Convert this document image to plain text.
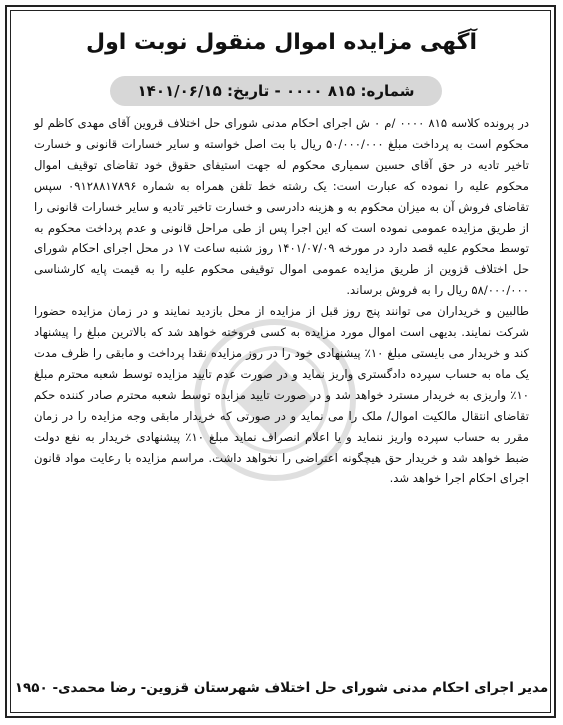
آگهی مزایده اموال منقول نوبت اول
شماره: ۸۱۵ ۰۰۰۰ - تاریخ: ۱۴۰۱/۰۶/۱۵

در پرونده کلاسه ۸۱۵ ۰۰۰۰ /م ۰ ش اجرای احکام مدنی شورای حل اختلاف قروین آقای مهدی کاظم لو محکوم است به پرداخت مبلغ ۵۰/۰۰۰/۰۰۰ ریال با بت اصل خواسته و سایر خسارات قانونی و خسارت تاخیر تادیه در حق آقای حسین سمیاری محکوم له جهت استیفای حقوق خود تقاضای توقیف اموال محکوم علیه را نموده که عبارت است: یک رشته خط تلفن همراه به شماره ۰۹۱۲۸۸۱۷۸۹۶ سپس تقاضای فروش آن به میزان محکوم به و هزینه دادرسی و خسارت تاخیر تادیه و سایر خسارات قانونی را از طریق مزایده عمومی نموده است که این اجرا پس از طی مراحل قانونی و عدم پرداخت محکوم به توسط محکوم علیه قصد دارد در مورخه ۱۴۰۱/۰۷/۰۹ روز شنبه ساعت ۱۷ در محل اجرای احکام شورای حل اختلاف قزوین از طریق مزایده عمومی اموال توقیفی محکوم علیه را به قیمت پایه کارشناسی ۵۸/۰۰۰/۰۰۰ ریال را به فروش برساند.

طالبین و خریداران می توانند پنج روز قبل از مزایده از محل بازدید نمایند و در زمان مزایده حضورا شرکت نمایند. بدیهی است اموال مورد مزایده به کسی فروخته خواهد شد که بالاترین مبلغ را پیشنهاد کند و خریدار می بایستی مبلغ ۱۰٪ پیشنهادی خود را در روز مزایده نقدا پرداخت و مابقی را ظرف مدت یک ماه به حساب سپرده دادگستری واریز نماید و در صورت عدم تایید مزایده توسط شعبه محترم مبلغ ۱۰٪ واریزی به خریدار مسترد خواهد شد و در صورت تایید مزایده توسط شعبه محترم صادر کننده حکم تقاضای انتقال مالکیت اموال/ ملک را می نماید و در صورتی که خریدار مابقی وجه مزایده را در زمان مقرر به حساب سپرده واریز ننماید و یا اعلام انصراف نماید مبلغ ۱۰٪ پیشنهادی خریدار به نفع دولت ضبط خواهد شد و خریدار حق هیچگونه اعتراضی را نخواهد داشت. مراسم مزایده با رعایت مواد قانون اجرای احکام اجرا خواهد شد.

مدیر اجرای احکام مدنی شورای حل اختلاف شهرستان قزوین- رضا محمدی- ۱۹۵۰
